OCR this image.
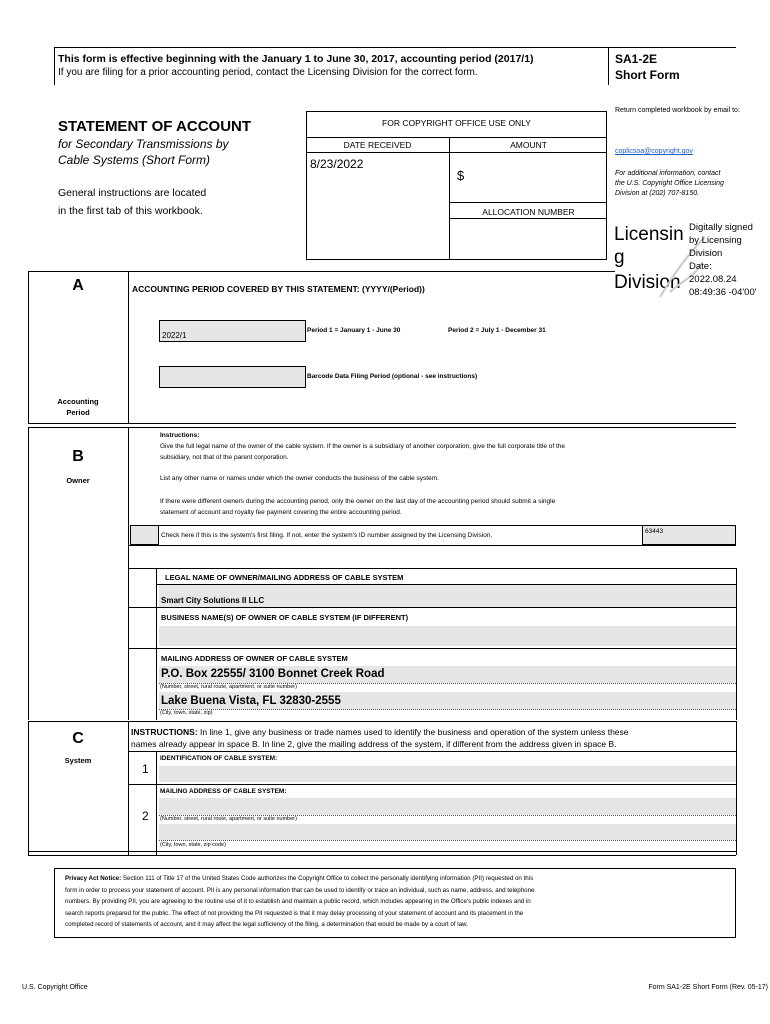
This form is effective beginning with the January 1 to June 30, 2017, accounting period (2017/1)
If you are filing for a prior accounting period, contact the Licensing Division for the correct form.
SA1-2E
Short Form
STATEMENT OF ACCOUNT
for Secondary Transmissions by
Cable Systems (Short Form)
General instructions are located
in the first tab of this workbook.
FOR COPYRIGHT OFFICE USE ONLY
DATE RECEIVED	AMOUNT
8/23/2022
$
ALLOCATION NUMBER
Return completed workbook by email to:
coplicsoa@copyright.gov
For additional information, contact the U.S. Copyright Office Licensing Division at (202) 707-8150.
Licensin
g
Division
Digitally signed
by Licensing
Division
Date:
2022.08.24
08:49:36 -04'00'
A
Accounting
Period
ACCOUNTING PERIOD COVERED BY THIS STATEMENT: (YYYY/(Period))
2022/1
Period 1 = January 1 - June 30	Period 2 = July 1 - December 31
Barcode Data Filing Period (optional - see instructions)
B
Owner
Instructions:
Give the full legal name of the owner of the cable system. If the owner is a subsidiary of another corporation, give the full corporate title of the
subsidiary, not that of the parent corporation.
List any other name or names under which the owner conducts the business of the cable system.
If there were different owners during the accounting period, only the owner on the last day of the accounting period should submit a single
statement of account and royalty fee payment covering the entire accounting period.
Check here if this is the system's first filing. If not, enter the system's ID number assigned by the Licensing Division.
63443
LEGAL NAME OF OWNER/MAILING ADDRESS OF CABLE SYSTEM
Smart City Solutions II LLC
BUSINESS NAME(S) OF OWNER OF CABLE SYSTEM (IF DIFFERENT)
MAILING ADDRESS OF OWNER OF CABLE SYSTEM
P.O. Box 22555/ 3100 Bonnet Creek Road
(Number, street, rural route, apartment, or suite number)
Lake Buena Vista, FL 32830-2555
(City, town, state, zip)
C
System
INSTRUCTIONS: In line 1, give any business or trade names used to identify the business and operation of the system unless these
names already appear in space B. In line 2, give the mailing address of the system, if different from the address given in space B.
1
IDENTIFICATION OF CABLE SYSTEM:
MAILING ADDRESS OF CABLE SYSTEM:
2 (Number, street, rural route, apartment, or suite number)
(City, town, state, zip code)
Privacy Act Notice: Section 111 of Title 17 of the United States Code authorizes the Copyright Office to collect the personally identifying information (PII) requested on this
form in order to process your statement of account. PII is any personal information that can be used to identify or trace an individual, such as name, address, and telephone
numbers. By providing PII, you are agreeing to the routine use of it to establish and maintain a public record, which includes appearing in the Office's public indexes and in
search reports prepared for the public. The effect of not providing the PII requested is that it may delay processing of your statement of account and its placement in the
completed record of statements of account, and it may affect the legal sufficiency of the filing, a determination that would be made by a court of law.
U.S. Copyright Office	Form SA1-2E Short Form (Rev. 05-17)
